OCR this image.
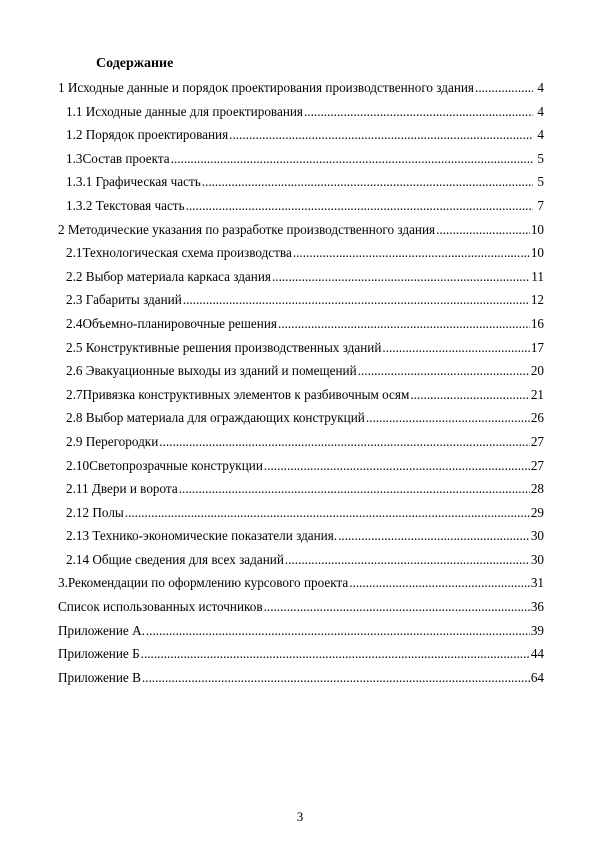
Содержание
1 Исходные данные и порядок проектирования производственного здания .....	4
1.1 Исходные данные для проектирования .....	4
1.2 Порядок проектирования .....	4
1.3Состав проекта .....	5
1.3.1 Графическая часть .....	5
1.3.2 Текстовая часть .....	7
2 Методические указания по разработке производственного здания .....	10
2.1Технологическая схема производства .....	10
2.2 Выбор материала каркаса здания .....	11
2.3 Габариты зданий .....	12
2.4Объемно-планировочные решения .....	16
2.5 Конструктивные решения производственных зданий .....	17
2.6 Эвакуационные выходы из зданий и помещений .....	20
2.7Привязка конструктивных элементов к разбивочным осям .....	21
2.8 Выбор материала для ограждающих конструкций .....	26
2.9 Перегородки .....	27
2.10Светопрозрачные конструкции .....	27
2.11 Двери и ворота .....	28
2.12 Полы .....	29
2.13 Технико-экономические показатели здания. .....	30
2.14 Общие сведения для всех заданий .....	30
3.Рекомендации по оформлению курсового проекта .....	31
Список использованных источников .....	36
Приложение А. .....	39
Приложение Б .....	44
Приложение В .....	64
3
